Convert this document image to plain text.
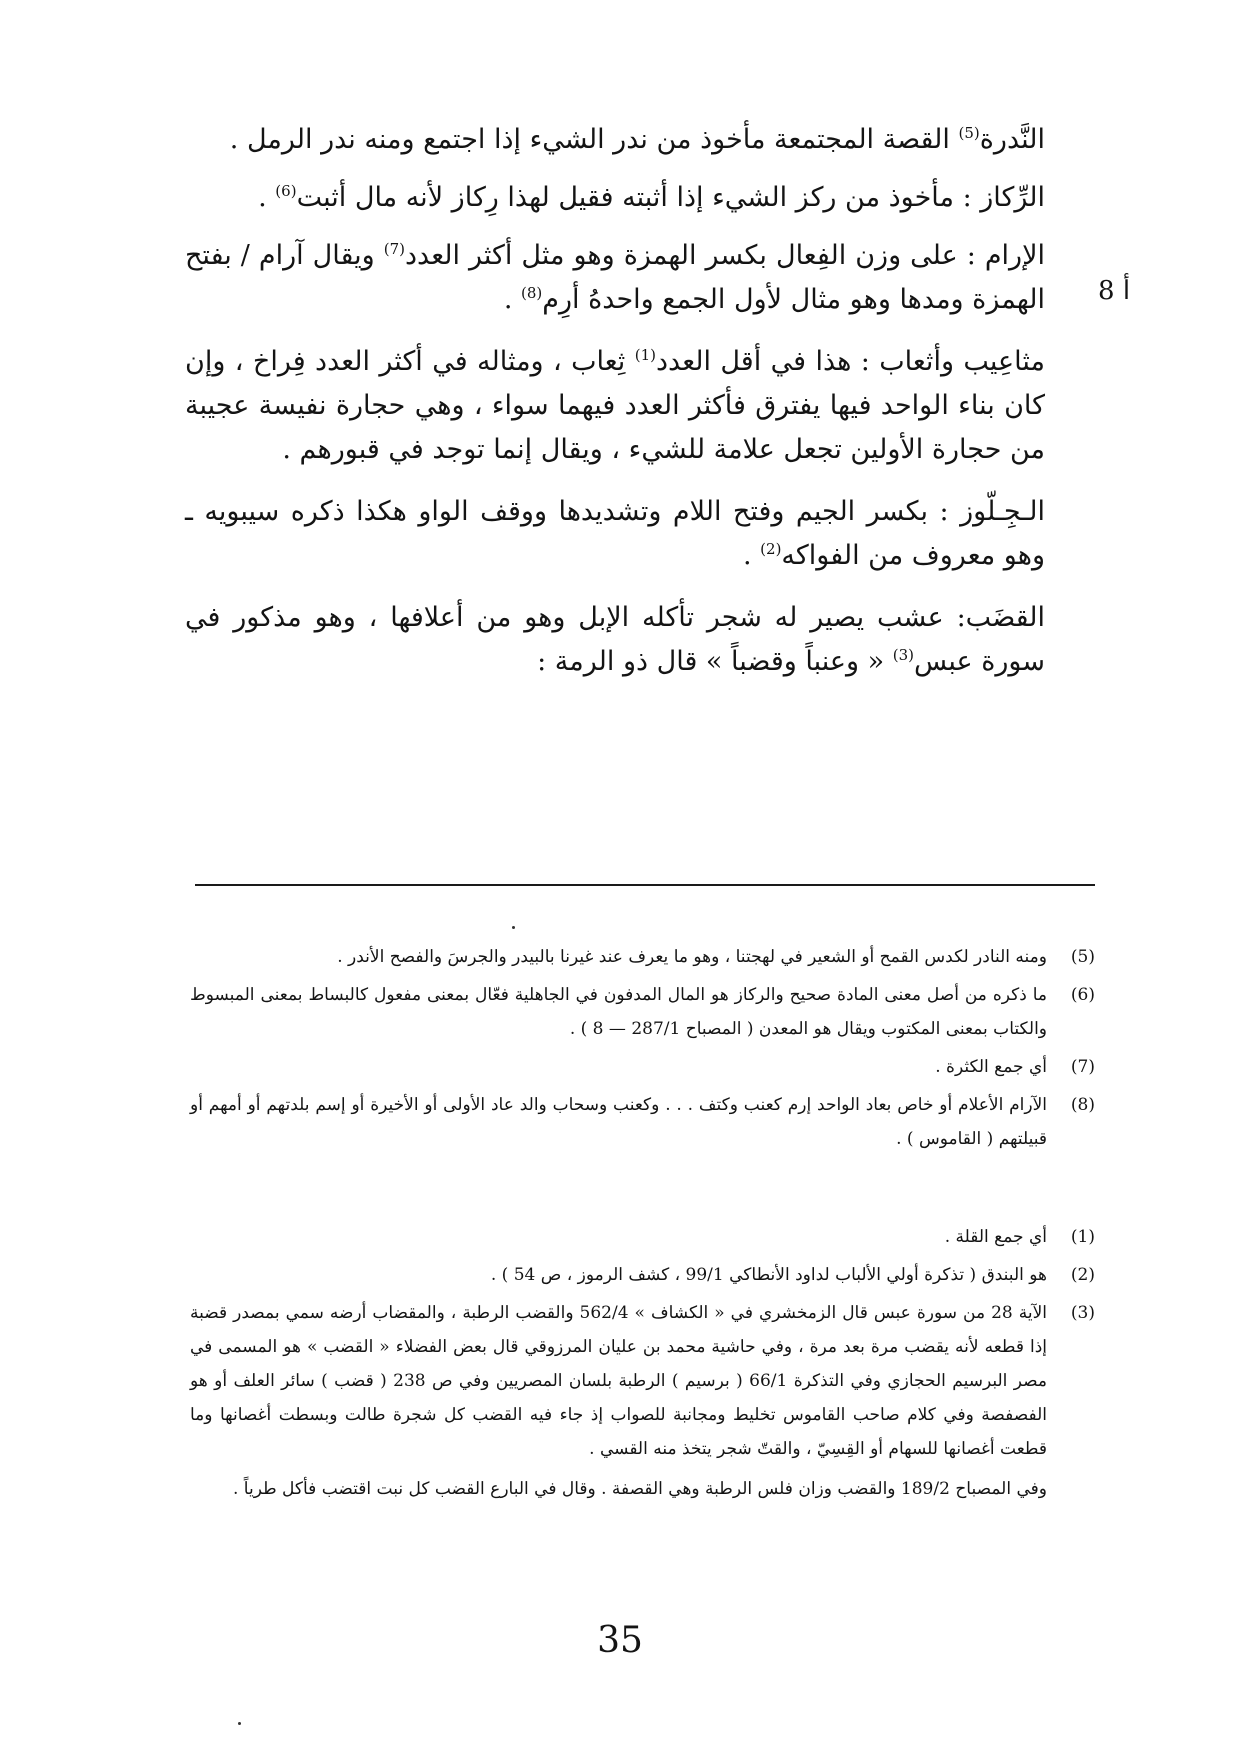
8 أ

النَّدرة$^{(5)}$ القصة المجتمعة مأخوذ من ندر الشيء إذا اجتمع ومنه ندر الرمل .

الرِّكاز : مأخوذ من ركز الشيء إذا أثبته فقيل لهذا رِكاز لأنه مال أثبت$^{(6)}$ .

الإرام : على وزن الفِعال بكسر الهمزة وهو مثل أكثر العدد$^{(7)}$ ويقال آرام / بفتح الهمزة ومدها وهو مثال لأول الجمع واحدهُ أرِم$^{(8)}$ .

مثاعِيب وأثعاب : هذا في أقل العدد$^{(1)}$ ثِعاب ، ومثاله في أكثر العدد فِراخ ، وإن كان بناء الواحد فيها يفترق فأكثر العدد فيهما سواء ، وهي حجارة نفيسة عجيبة من حجارة الأولين تجعل علامة للشيء ، ويقال إنما توجد في قبورهم .

الـجِـلّوز : بكسر الجيم وفتح اللام وتشديدها ووقف الواو هكذا ذكره سيبويه ـ وهو معروف من الفواكه$^{(2)}$ .

القضَب: عشب يصير له شجر تأكله الإبل وهو من أعلافها ، وهو مذكور في سورة عبس$^{(3)}$ « وعنباً وقضباً » قال ذو الرمة :

(5)
ومنه النادر لكدس القمح أو الشعير في لهجتنا ، وهو ما يعرف عند غيرنا بالبيدر والجرسَ والفصح الأندر .
(6)
ما ذكره من أصل معنى المادة صحيح والركاز هو المال المدفون في الجاهلية فعّال بمعنى مفعول كالبساط بمعنى المبسوط والكتاب بمعنى المكتوب ويقال هو المعدن ( المصباح 287/1 — 8 ) .
(7)
أي جمع الكثرة .
(8)
الآرام الأعلام أو خاص بعاد الواحد إرم كعنب وكتف . . . وكعنب وسحاب والد عاد الأولى أو الأخيرة أو إسم بلدتهم أو أمهم أو قبيلتهم ( القاموس ) .
(1)
أي جمع القلة .
(2)
هو البندق ( تذكرة أولي الألباب لداود الأنطاكي 99/1 ، كشف الرموز ، ص 54 ) .
(3)
الآية 28 من سورة عبس قال الزمخشري في « الكشاف » 562/4 والقضب الرطبة ، والمقضاب أرضه سمي بمصدر قضبة إذا قطعه لأنه يقضب مرة بعد مرة ، وفي حاشية محمد بن عليان المرزوقي قال بعض الفضلاء « القضب » هو المسمى في مصر البرسيم الحجازي وفي التذكرة 66/1 ( برسيم ) الرطبة بلسان المصريين وفي ص 238 ( قضب ) سائر العلف أو هو الفصفصة وفي كلام صاحب القاموس تخليط ومجانبة للصواب إذ جاء فيه القضب كل شجرة طالت وبسطت أغصانها وما قطعت أغصانها للسهام أو القِسِيّ ، والقتّ شجر يتخذ منه القسي .
وفي المصباح 189/2 والقضب وزان فلس الرطبة وهي القصفة . وقال في البارع القضب كل نبت اقتضب فأكل طرياً .
35
